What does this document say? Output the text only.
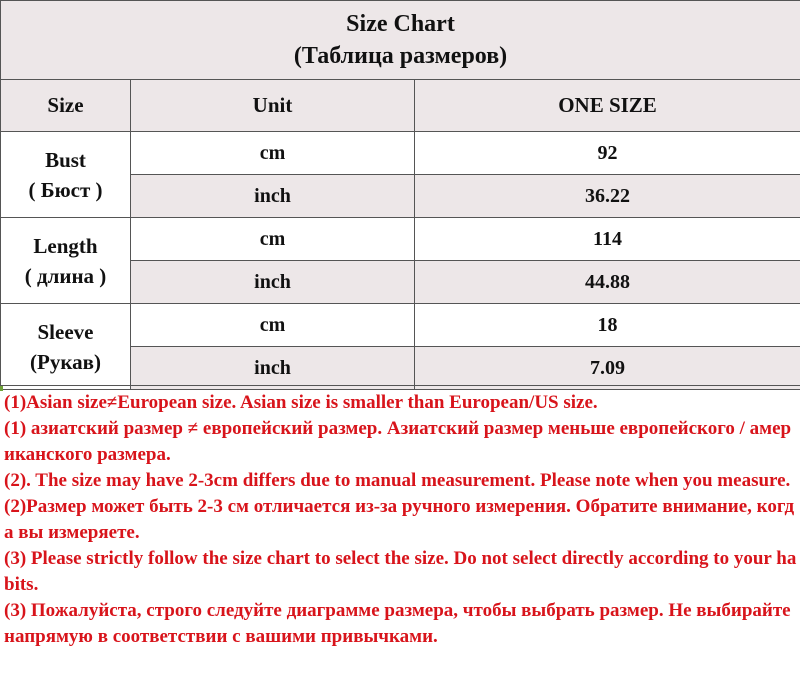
Size Chart
(Таблица размеров)		

Size	Unit	ONE SIZE

Bust
( Бюст )	cm	92
	inch	36.22

Length
( длина )	cm	114
	inch	44.88

Sleeve
(Рукав)	cm	18
	inch	7.09

(1)Asian size≠European size. Asian size is smaller than European/US size.

(1) азиатский размер ≠ европейский размер. Азиатский размер меньше европейского / американского размера.

(2). The size may have 2-3cm differs due to manual measurement. Please note when you measure.

(2)Размер может быть 2-3 см отличается из-за ручного измерения. Обратите внимание, когда вы измеряете.

(3) Please strictly follow the size chart to select the size. Do not select directly according to your habits.

(3) Пожалуйста, строго следуйте диаграмме размера, чтобы выбрать размер. Не выбирайте напрямую в соответствии с вашими привычками.
